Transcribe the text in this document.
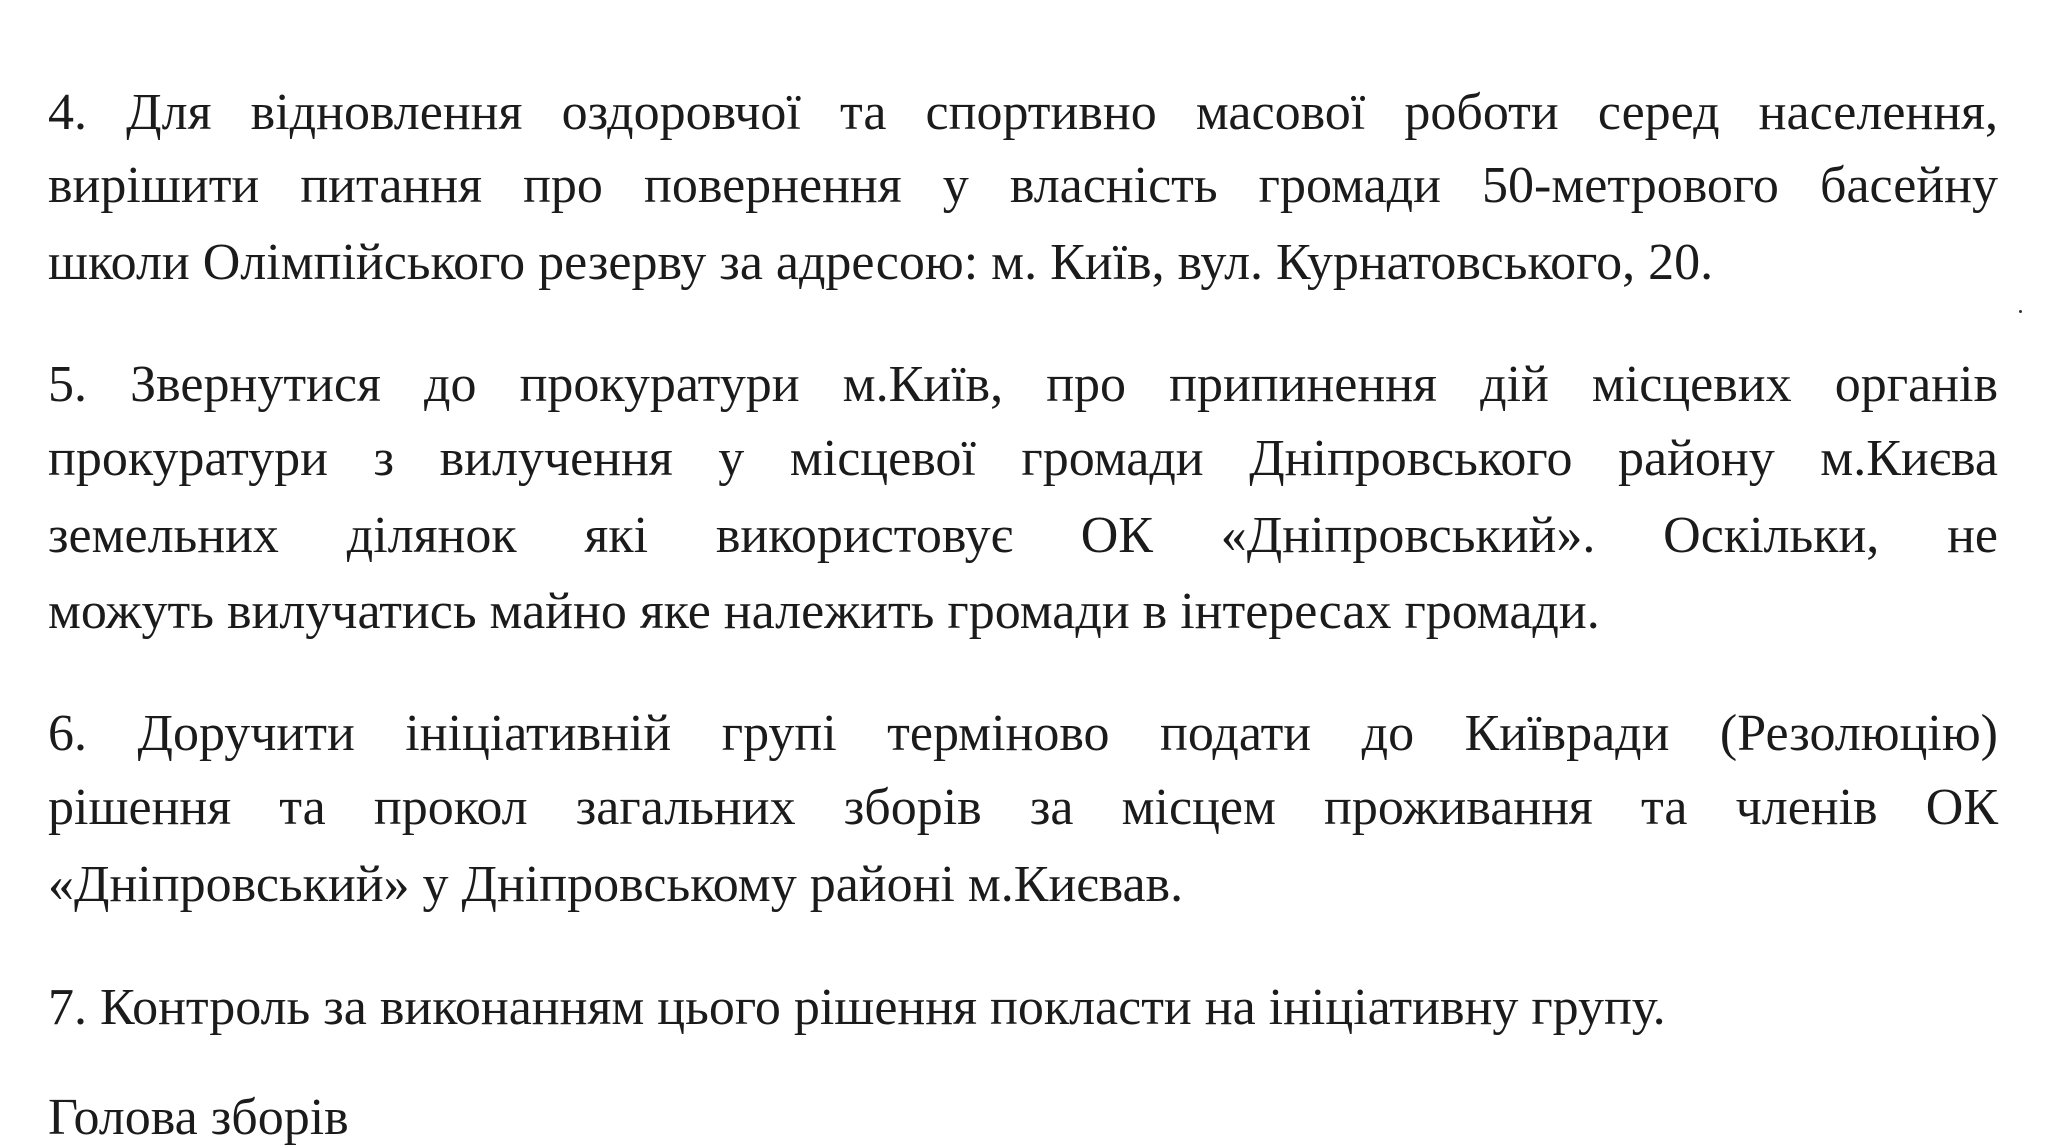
4. Для відновлення оздоровчої та спортивно масової роботи серед населення,
вирішити питання про повернення у власність громади 50-метрового басейну
школи Олімпійського резерву за адресою: м. Київ, вул. Курнатовського, 20.
5. Звернутися до прокуратури м.Київ, про припинення дій місцевих органів
прокуратури з вилучення у місцевої громади Дніпровського району м.Києва
земельних ділянок які використовує ОК «Дніпровський». Оскільки, не
можуть вилучатись майно яке належить громади в інтересах громади.
6. Доручити ініціативній групі терміново подати до Київради (Резолюцію)
рішення та прокол загальних зборів за місцем проживання та членів ОК
«Дніпровський» у Дніпровському районі м.Києвав.
7. Контроль за виконанням цього рішення покласти на ініціативну групу.
Голова зборів
